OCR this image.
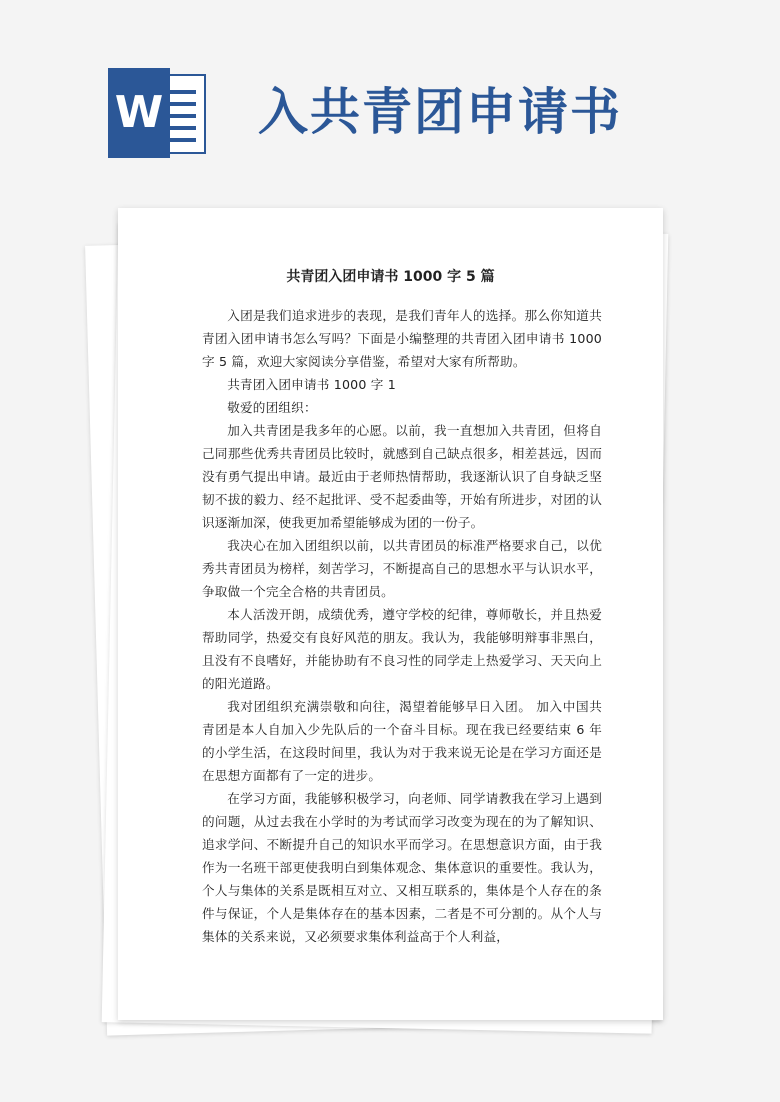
W 入共青团申请书
共青团入团申请书 1000 字 5 篇

入团是我们追求进步的表现，是我们青年人的选择。那么你知道共青团入团申请书怎么写吗？下面是小编整理的共青团入团申请书 1000 字 5 篇，欢迎大家阅读分享借鉴，希望对大家有所帮助。

共青团入团申请书 1000 字 1

敬爱的团组织：

加入共青团是我多年的心愿。以前，我一直想加入共青团，但将自己同那些优秀共青团员比较时，就感到自己缺点很多，相差甚远，因而没有勇气提出申请。最近由于老师热情帮助，我逐渐认识了自身缺乏坚韧不拔的毅力、经不起批评、受不起委曲等，开始有所进步，对团的认识逐渐加深，使我更加希望能够成为团的一份子。

我决心在加入团组织以前，以共青团员的标准严格要求自己，以优秀共青团员为榜样，刻苦学习，不断提高自己的思想水平与认识水平，争取做一个完全合格的共青团员。

本人活泼开朗，成绩优秀，遵守学校的纪律，尊师敬长，并且热爱帮助同学，热爱交有良好风范的朋友。我认为，我能够明辩事非黑白，且没有不良嗜好，并能协助有不良习性的同学走上热爱学习、天天向上的阳光道路。

我对团组织充满崇敬和向往，渴望着能够早日入团。 加入中国共青团是本人自加入少先队后的一个奋斗目标。现在我已经要结束 6 年的小学生活，在这段时间里，我认为对于我来说无论是在学习方面还是在思想方面都有了一定的进步。

在学习方面，我能够积极学习，向老师、同学请教我在学习上遇到的问题，从过去我在小学时的为考试而学习改变为现在的为了解知识、追求学问、不断提升自己的知识水平而学习。在思想意识方面，由于我作为一名班干部更使我明白到集体观念、集体意识的重要性。我认为，个人与集体的关系是既相互对立、又相互联系的，集体是个人存在的条件与保证，个人是集体存在的基本因素，二者是不可分割的。从个人与集体的关系来说，又必须要求集体利益高于个人利益，
